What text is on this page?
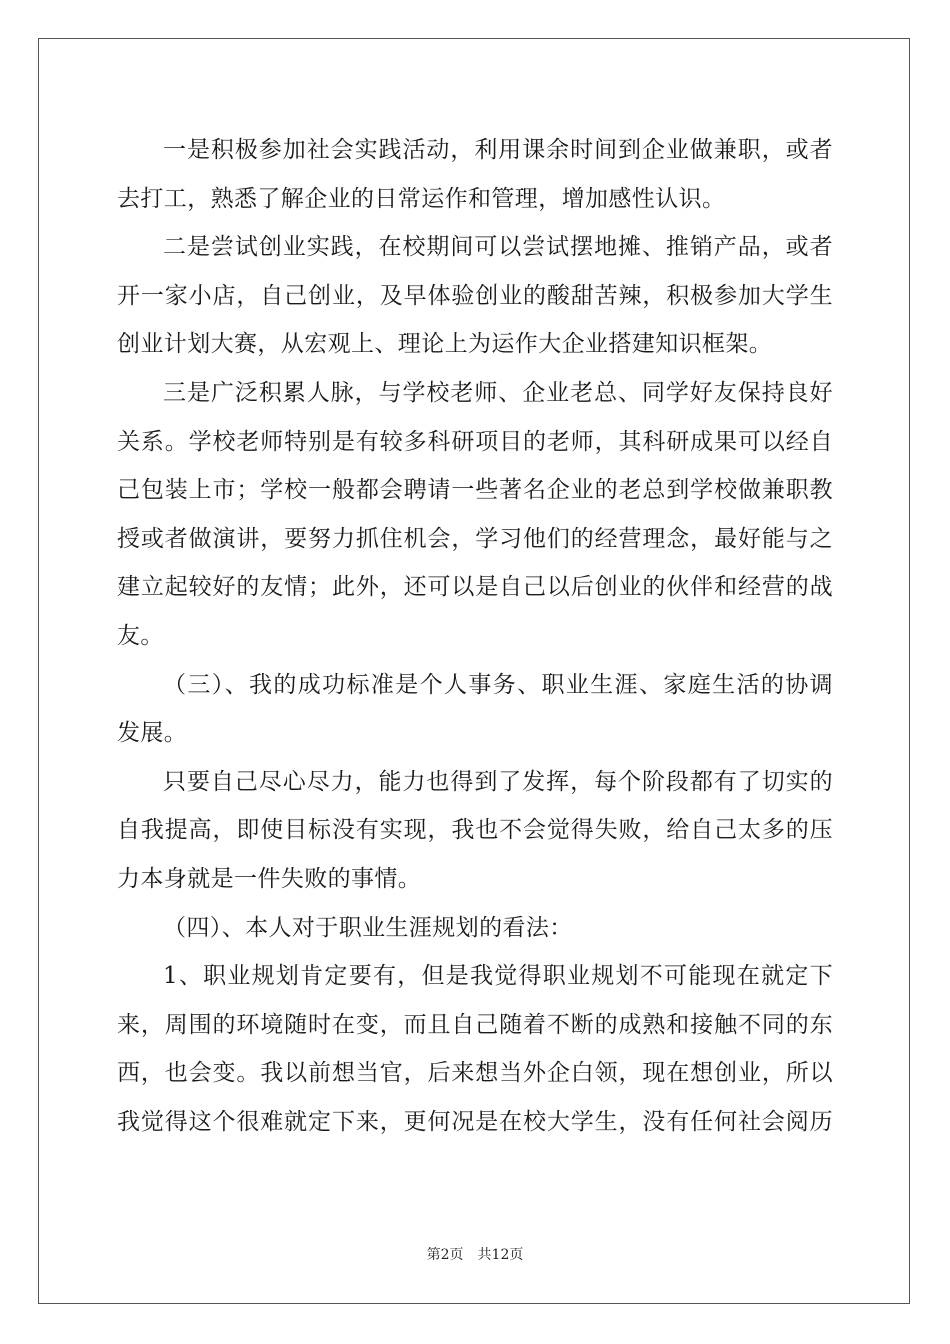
一是积极参加社会实践活动，利用课余时间到企业做兼职，或者
去打工，熟悉了解企业的日常运作和管理，增加感性认识。
二是尝试创业实践，在校期间可以尝试摆地摊、推销产品，或者
开一家小店，自己创业，及早体验创业的酸甜苦辣，积极参加大学生
创业计划大赛，从宏观上、理论上为运作大企业搭建知识框架。
三是广泛积累人脉，与学校老师、企业老总、同学好友保持良好
关系。学校老师特别是有较多科研项目的老师，其科研成果可以经自
己包装上市；学校一般都会聘请一些著名企业的老总到学校做兼职教
授或者做演讲，要努力抓住机会，学习他们的经营理念，最好能与之
建立起较好的友情；此外，还可以是自己以后创业的伙伴和经营的战
友。
（三）、我的成功标准是个人事务、职业生涯、家庭生活的协调
发展。
只要自己尽心尽力，能力也得到了发挥，每个阶段都有了切实的
自我提高，即使目标没有实现，我也不会觉得失败，给自己太多的压
力本身就是一件失败的事情。
（四）、本人对于职业生涯规划的看法：
1、职业规划肯定要有，但是我觉得职业规划不可能现在就定下
来，周围的环境随时在变，而且自己随着不断的成熟和接触不同的东
西，也会变。我以前想当官，后来想当外企白领，现在想创业，所以
我觉得这个很难就定下来，更何况是在校大学生，没有任何社会阅历
第2页 共12页
